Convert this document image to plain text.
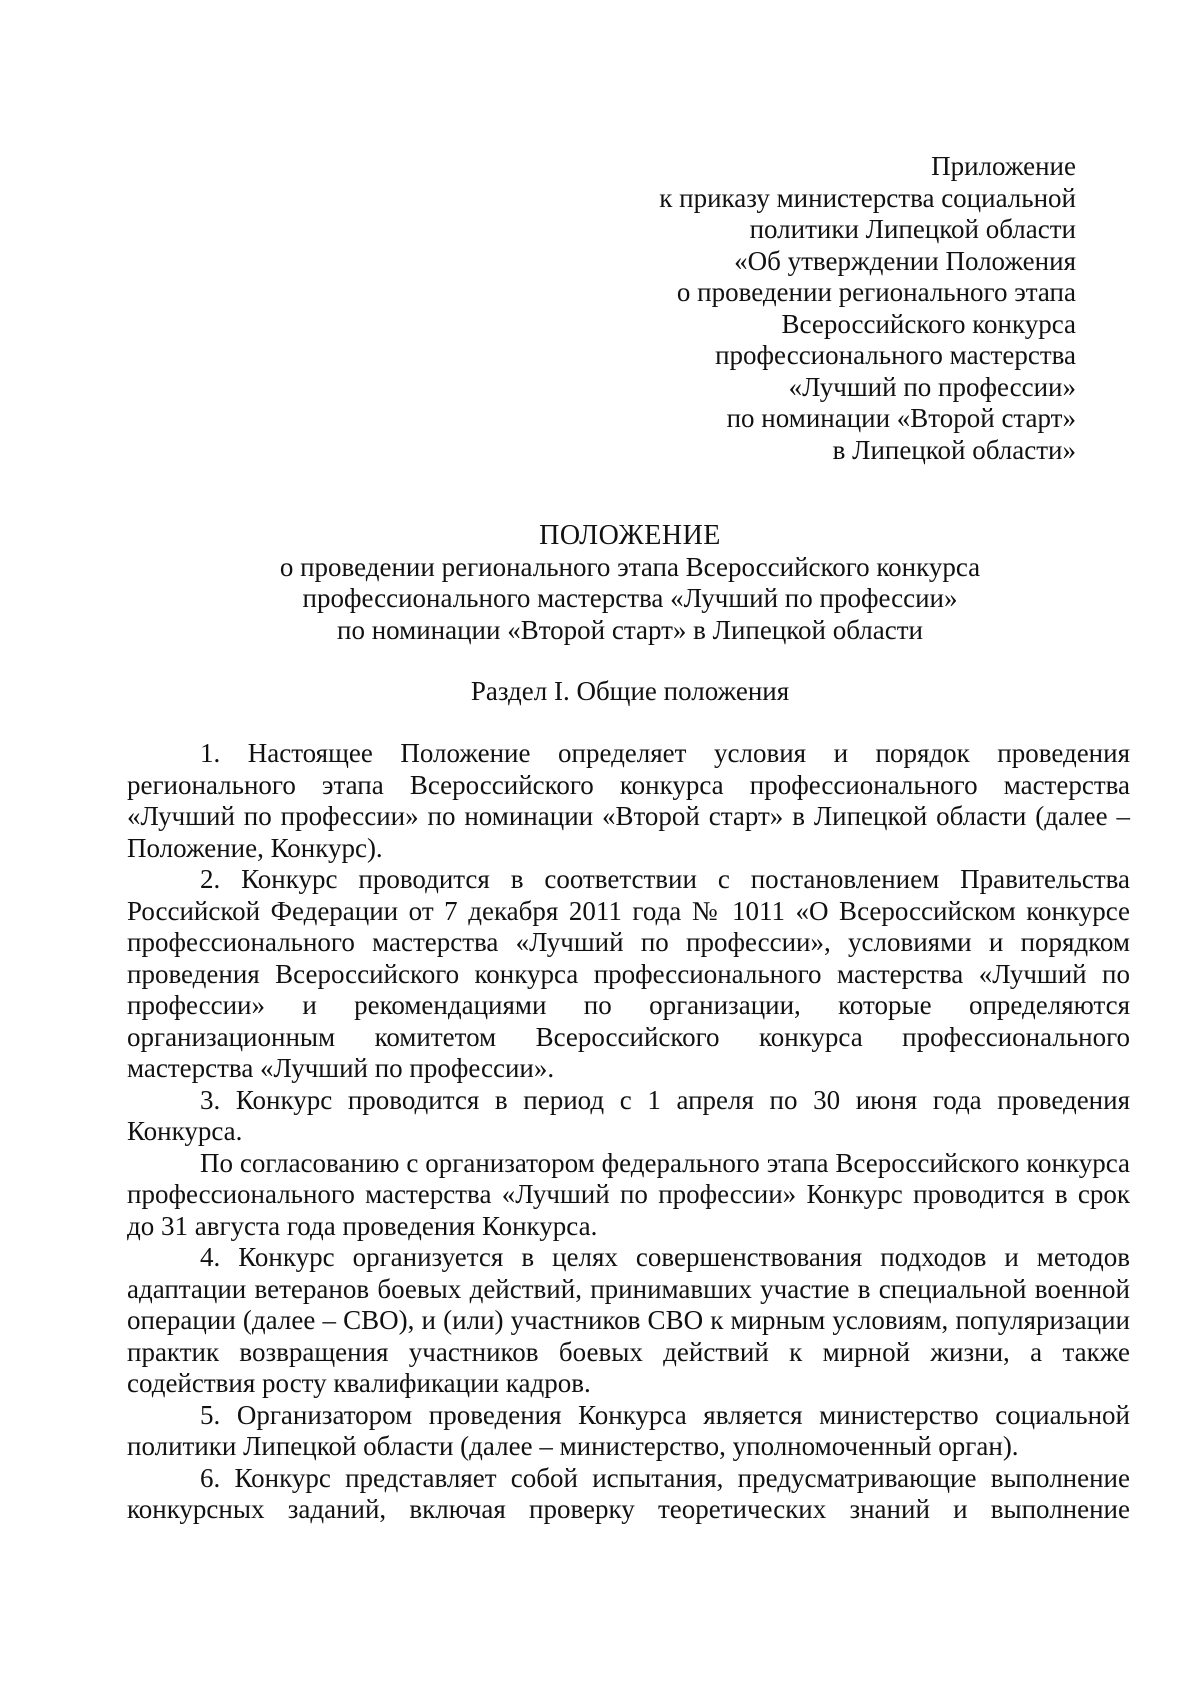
Приложение
к приказу министерства социальной
политики Липецкой области
«Об утверждении Положения
о проведении регионального этапа
Всероссийского конкурса
профессионального мастерства
«Лучший по профессии»
по номинации «Второй старт»
в Липецкой области»
ПОЛОЖЕНИЕ
о проведении регионального этапа Всероссийского конкурса
профессионального мастерства «Лучший по профессии»
по номинации «Второй старт» в Липецкой области
Раздел I. Общие положения

1. Настоящее Положение определяет условия и порядок проведения регионального этапа Всероссийского конкурса профессионального мастерства «Лучший по профессии» по номинации «Второй старт» в Липецкой области (далее – Положение, Конкурс).

2. Конкурс проводится в соответствии с постановлением Правительства Российской Федерации от 7 декабря 2011 года № 1011 «О Всероссийском конкурсе профессионального мастерства «Лучший по профессии», условиями и порядком проведения Всероссийского конкурса профессионального мастерства «Лучший по профессии» и рекомендациями по организации, которые определяются организационным комитетом Всероссийского конкурса профессионального мастерства «Лучший по профессии».

3. Конкурс проводится в период с 1 апреля по 30 июня года проведения Конкурса.

По согласованию с организатором федерального этапа Всероссийского конкурса профессионального мастерства «Лучший по профессии» Конкурс проводится в срок до 31 августа года проведения Конкурса.

4. Конкурс организуется в целях совершенствования подходов и методов адаптации ветеранов боевых действий, принимавших участие в специальной военной операции (далее – СВО), и (или) участников СВО к мирным условиям, популяризации практик возвращения участников боевых действий к мирной жизни, а также содействия росту квалификации кадров.

5. Организатором проведения Конкурса является министерство социальной политики Липецкой области (далее – министерство, уполномоченный орган).

6. Конкурс представляет собой испытания, предусматривающие выполнение конкурсных заданий, включая проверку теоретических знаний и выполнение
